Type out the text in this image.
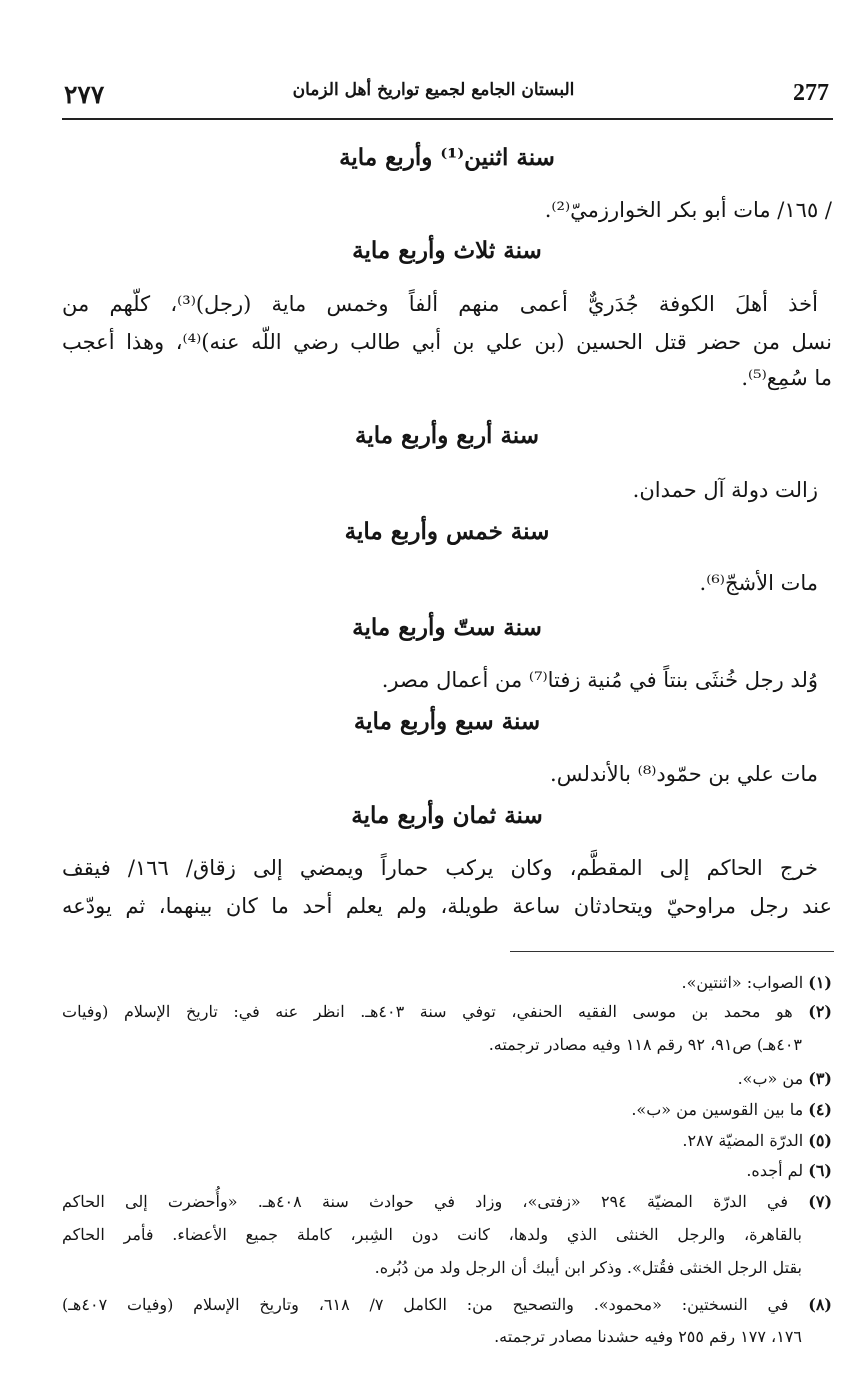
٢٧٧	البستان الجامع لجميع تواريخ أهل الزمان	277
سنة اثنين⁽¹⁾ وأربع ماية
/ ١٦٥/ مات أبو بكر الخوارزميّ⁽²⁾.
سنة ثلاث وأربع ماية
أخذ أهلَ الكوفة جُدَريٌّ أعمى منهم ألفاً وخمس ماية (رجل)⁽³⁾، كلّهم من
نسل من حضر قتل الحسين (بن علي بن أبي طالب رضي اللّه عنه)⁽⁴⁾، وهذا أعجب
ما سُمِع⁽⁵⁾.
سنة أربع وأربع ماية
زالت دولة آل حمدان.
سنة خمس وأربع ماية
مات الأشجّ⁽⁶⁾.
سنة ستّ وأربع ماية
وُلد رجل خُنثَى بنتاً في مُنية زفتا⁽⁷⁾ من أعمال مصر.
سنة سبع وأربع ماية
مات علي بن حمّود⁽⁸⁾ بالأندلس.
سنة ثمان وأربع ماية
خرج الحاكم إلى المقطَّم، وكان يركب حماراً ويمضي إلى زقاق/ ١٦٦/ فيقف
عند رجل مراوحيّ ويتحادثان ساعة طويلة، ولم يعلم أحد ما كان بينهما، ثم يودّعه
(١) الصواب: «اثنتين».
(٢) هو محمد بن موسى الفقيه الحنفي، توفي سنة ٤٠٣هـ. انظر عنه في: تاريخ الإسلام (وفيات
٤٠٣هـ) ص٩١، ٩٢ رقم ١١٨ وفيه مصادر ترجمته.
(٣) من «ب».
(٤) ما بين القوسين من «ب».
(٥) الدرّة المضيّة ٢٨٧.
(٦) لم أجده.
(٧) في الدرّة المضيّة ٢٩٤ «زفتى»، وزاد في حوادث سنة ٤٠٨هـ. «وأُحضرت إلى الحاكم
بالقاهرة، والرجل الخنثى الذي ولدها، كانت دون الشِبر، كاملة جميع الأعضاء. فأمر الحاكم
بقتل الرجل الخنثى فقُتل». وذكر ابن أيبك أن الرجل ولد من دُبُره.
(٨) في النسختين: «محمود». والتصحيح من: الكامل ٧/ ٦١٨، وتاريخ الإسلام (وفيات ٤٠٧هـ)
١٧٦، ١٧٧ رقم ٢٥٥ وفيه حشدنا مصادر ترجمته.
